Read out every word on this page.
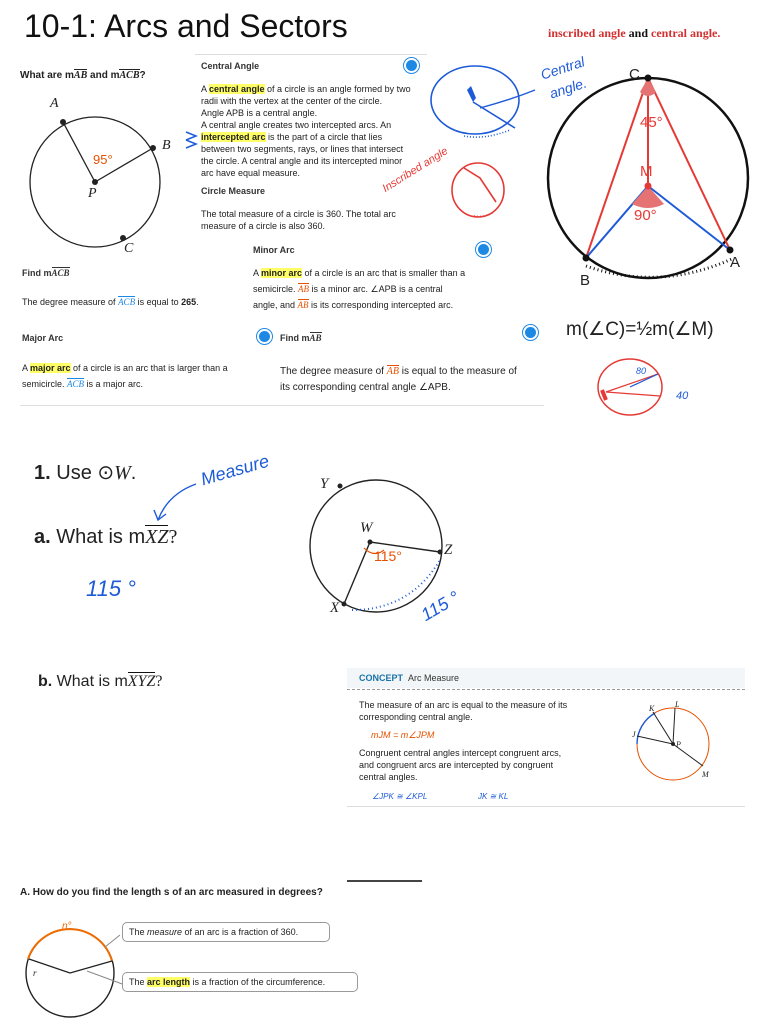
10-1: Arcs and Sectors	inscribed angle and central angle.
What are mAB and mACB?
A
B
C
P
95°
Central Angle
A central angle of a circle is an angle formed by two
radii with the vertex at the center of the circle.
Angle APB is a central angle.
A central angle creates two intercepted arcs. An
intercepted arc is the part of a circle that lies
between two segments, rays, or lines that intersect
the circle. A central angle and its intercepted minor
arc have equal measure.
Circle Measure
The total measure of a circle is 360. The total arc
measure of a circle is also 360.
Central
angle.
Inscribed angle
C
M
B
A
45°
90°
m(∠C)=½m(∠M)
80
40
Find mACB
The degree measure of ACB is equal to 265.
Minor Arc
A minor arc of a circle is an arc that is smaller than a
semicircle. AB is a minor arc. ∠APB is a central
angle, and AB is its corresponding intercepted arc.
Major Arc
A major arc of a circle is an arc that is larger than a
semicircle. ACB is a major arc.
Find mAB
The degree measure of AB is equal to the measure of
its corresponding central angle ∠APB.
1. Use ⊙W.
a. What is mXZ?
b. What is mXYZ?
Measure
115 °
Y
W
Z
X
115°
115 °
CONCEPT Arc Measure
The measure of an arc is equal to the measure of its
corresponding central angle.
mJM = m∠JPM
Congruent central angles intercept congruent arcs,
and congruent arcs are intercepted by congruent
central angles.
∠JPK ≅ ∠KPL	JK ≅ KL
K	L
J
P
M
A. How do you find the length s of an arc measured in degrees?
n°
r
The measure of an arc is a fraction of 360.
The arc length is a fraction of the circumference.
